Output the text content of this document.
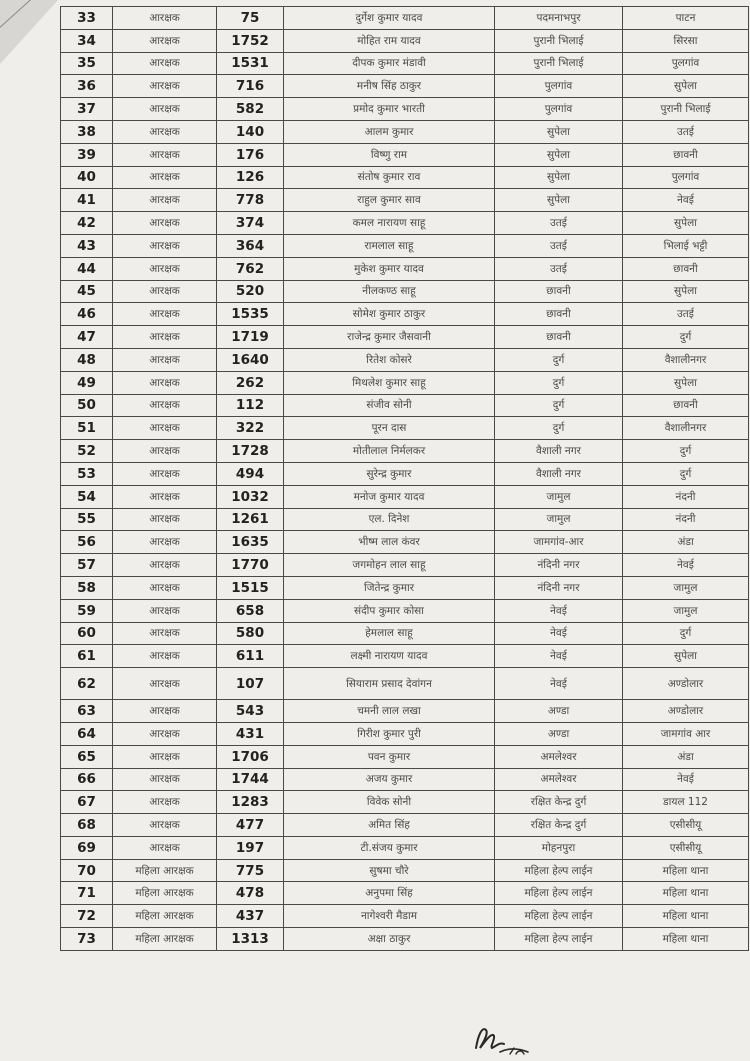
33	आरक्षक	75	दुर्गेश कुमार यादव	पदमनाभपुर	पाटन
34	आरक्षक	1752	मोहित राम यादव	पुरानी भिलाई	सिरसा
35	आरक्षक	1531	दीपक कुमार मंडावी	पुरानी भिलाई	पुलगांव
36	आरक्षक	716	मनीष सिंह ठाकुर	पुलगांव	सुपेला
37	आरक्षक	582	प्रमोद कुमार भारती	पुलगांव	पुरानी भिलाई
38	आरक्षक	140	आलम कुमार	सुपेला	उतई
39	आरक्षक	176	विष्णु राम	सुपेला	छावनी
40	आरक्षक	126	संतोष कुमार राव	सुपेला	पुलगांव
41	आरक्षक	778	राहुल कुमार साव	सुपेला	नेवई
42	आरक्षक	374	कमल नारायण साहू	उतई	सुपेला
43	आरक्षक	364	रामलाल साहू	उतई	भिलाई भट्टी
44	आरक्षक	762	मुकेश कुमार यादव	उतई	छावनी
45	आरक्षक	520	नीलकण्ठ साहू	छावनी	सुपेला
46	आरक्षक	1535	सोमेश कुमार ठाकुर	छावनी	उतई
47	आरक्षक	1719	राजेन्द्र कुमार जैसवानी	छावनी	दुर्ग
48	आरक्षक	1640	रितेश कोसरे	दुर्ग	वैशालीनगर
49	आरक्षक	262	मिथलेश कुमार साहू	दुर्ग	सुपेला
50	आरक्षक	112	संजीव सोनी	दुर्ग	छावनी
51	आरक्षक	322	पूरन दास	दुर्ग	वैशालीनगर
52	आरक्षक	1728	मोतीलाल निर्मलकर	वैशाली नगर	दुर्ग
53	आरक्षक	494	सुरेन्द्र कुमार	वैशाली नगर	दुर्ग
54	आरक्षक	1032	मनोज कुमार यादव	जामुल	नंदनी
55	आरक्षक	1261	एल. दिनेश	जामुल	नंदनी
56	आरक्षक	1635	भीष्म लाल कंवर	जामगांव-आर	अंडा
57	आरक्षक	1770	जगमोहन लाल साहू	नंदिनी नगर	नेवई
58	आरक्षक	1515	जितेन्द्र कुमार	नंदिनी नगर	जामुल
59	आरक्षक	658	संदीप कुमार कोसा	नेवई	जामुल
60	आरक्षक	580	हेमलाल साहू	नेवई	दुर्ग
61	आरक्षक	611	लक्ष्मी नारायण यादव	नेवई	सुपेला
62	आरक्षक	107	सियाराम प्रसाद देवांगन	नेवई	अण्डोलार
63	आरक्षक	543	चमनी लाल लखा	अण्डा	अण्डोलार
64	आरक्षक	431	गिरीश कुमार पुरी	अण्डा	जामगांव आर
65	आरक्षक	1706	पवन कुमार	अमलेश्वर	अंडा
66	आरक्षक	1744	अजय कुमार	अमलेश्वर	नेवई
67	आरक्षक	1283	विवेक सोनी	रक्षित केन्द्र दुर्ग	डायल 112
68	आरक्षक	477	अमित सिंह	रक्षित केन्द्र दुर्ग	एसीसीयू
69	आरक्षक	197	टी.संजय कुमार	मोहनपुरा	एसीसीयू
70	महिला आरक्षक	775	सुषमा चौरे	महिला हेल्प लाईन	महिला थाना
71	महिला आरक्षक	478	अनुपमा सिंह	महिला हेल्प लाईन	महिला थाना
72	महिला आरक्षक	437	नागेश्वरी मैडाम	महिला हेल्प लाईन	महिला थाना
73	महिला आरक्षक	1313	अक्षा ठाकुर	महिला हेल्प लाईन	महिला थाना
